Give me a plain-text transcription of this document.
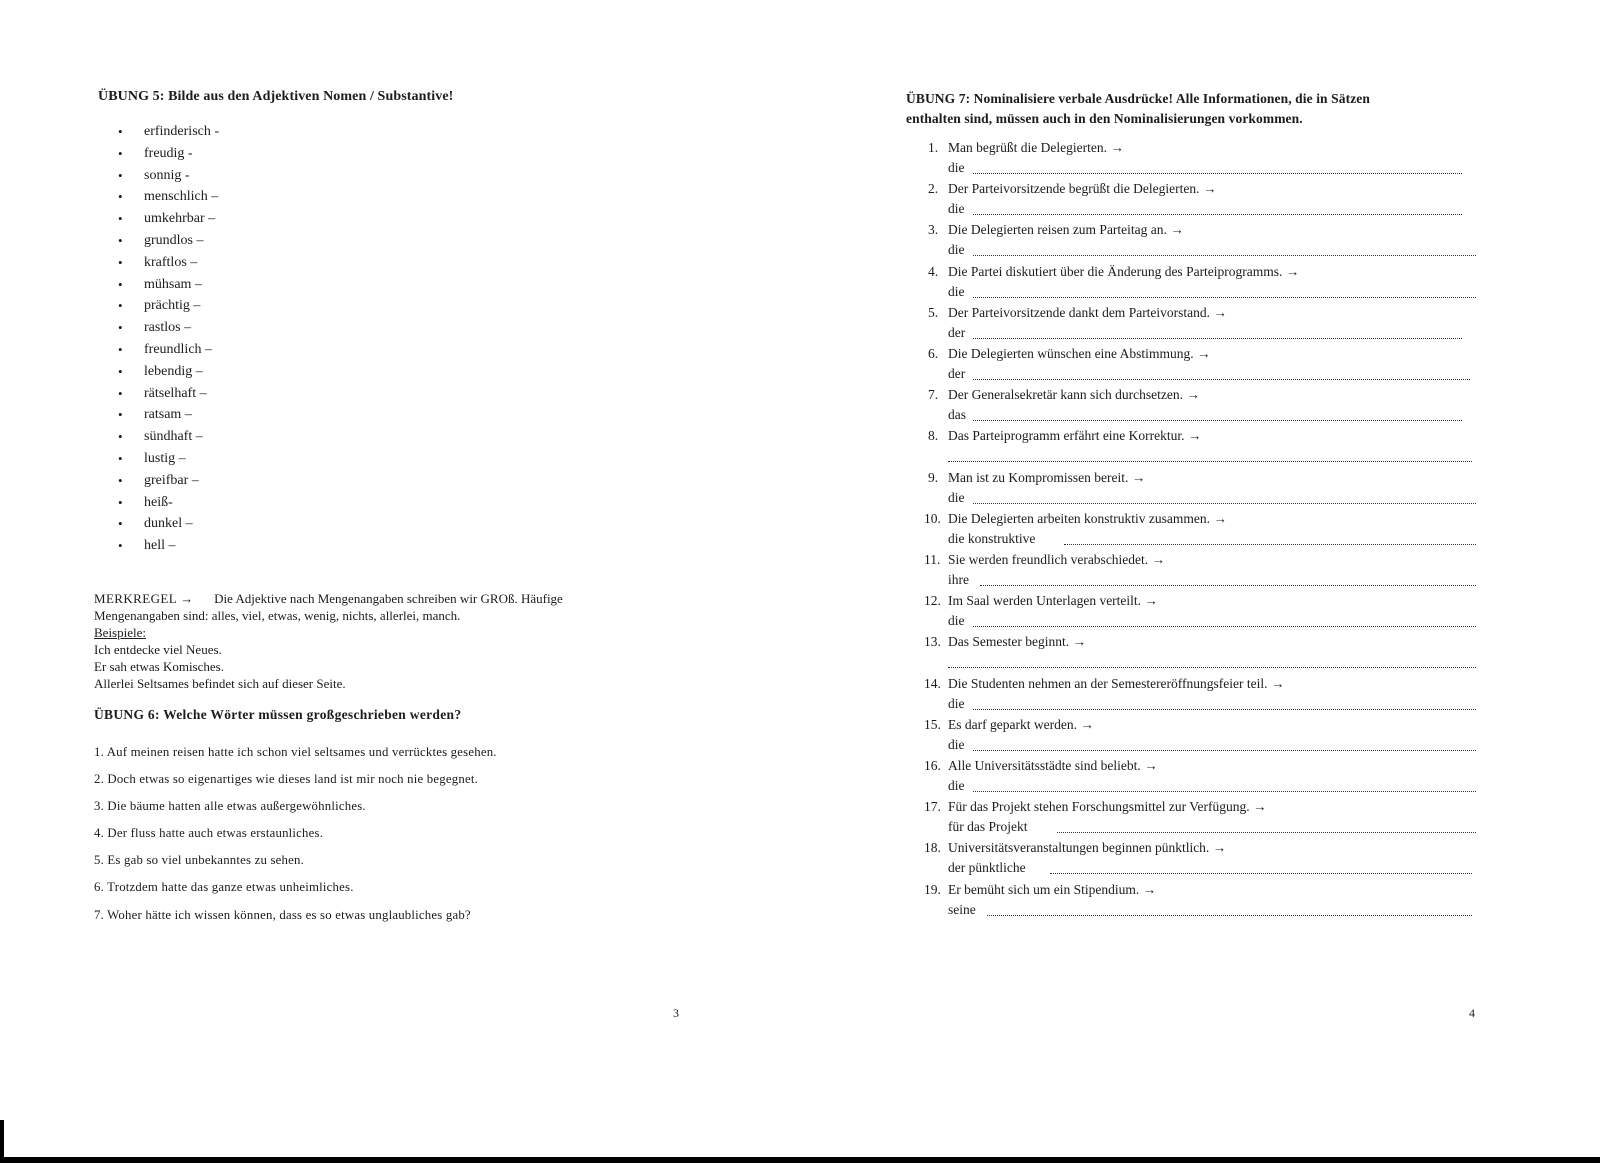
ÜBUNG 5: Bilde aus den Adjektiven Nomen / Substantive!
• erfinderisch -
• freudig -
• sonnig -
• menschlich –
• umkehrbar –
• grundlos –
• kraftlos –
• mühsam –
• prächtig –
• rastlos –
• freundlich –
• lebendig –
• rätselhaft –
• ratsam –
• sündhaft –
• lustig –
• greifbar –
• heiß-
• dunkel –
• hell –
MERKREGEL → Die Adjektive nach Mengenangaben schreiben wir GROß. Häufige
Mengenangaben sind: alles, viel, etwas, wenig, nichts, allerlei, manch.
Beispiele:
Ich entdecke viel Neues.
Er sah etwas Komisches.
Allerlei Seltsames befindet sich auf dieser Seite.
ÜBUNG 6: Welche Wörter müssen großgeschrieben werden?
1. Auf meinen reisen hatte ich schon viel seltsames und verrücktes gesehen.
2. Doch etwas so eigenartiges wie dieses land ist mir noch nie begegnet.
3. Die bäume hatten alle etwas außergewöhnliches.
4. Der fluss hatte auch etwas erstaunliches.
5. Es gab so viel unbekanntes zu sehen.
6. Trotzdem hatte das ganze etwas unheimliches.
7. Woher hätte ich wissen können, dass es so etwas unglaubliches gab?
3
ÜBUNG 7: Nominalisiere verbale Ausdrücke! Alle Informationen, die in Sätzen
enthalten sind, müssen auch in den Nominalisierungen vorkommen.
1. Man begrüßt die Delegierten. →
die
2. Der Parteivorsitzende begrüßt die Delegierten. →
die
3. Die Delegierten reisen zum Parteitag an. →
die
4. Die Partei diskutiert über die Änderung des Parteiprogramms. →
die
5. Der Parteivorsitzende dankt dem Parteivorstand. →
der
6. Die Delegierten wünschen eine Abstimmung. →
der
7. Der Generalsekretär kann sich durchsetzen. →
das
8. Das Parteiprogramm erfährt eine Korrektur. →
9. Man ist zu Kompromissen bereit. →
die
10. Die Delegierten arbeiten konstruktiv zusammen. →
die konstruktive
11. Sie werden freundlich verabschiedet. →
ihre
12. Im Saal werden Unterlagen verteilt. →
die
13. Das Semester beginnt. →
14. Die Studenten nehmen an der Semestereröffnungsfeier teil. →
die
15. Es darf geparkt werden. →
die
16. Alle Universitätsstädte sind beliebt. →
die
17. Für das Projekt stehen Forschungsmittel zur Verfügung. →
für das Projekt
18. Universitätsveranstaltungen beginnen pünktlich. →
der pünktliche
19. Er bemüht sich um ein Stipendium. →
seine
4
